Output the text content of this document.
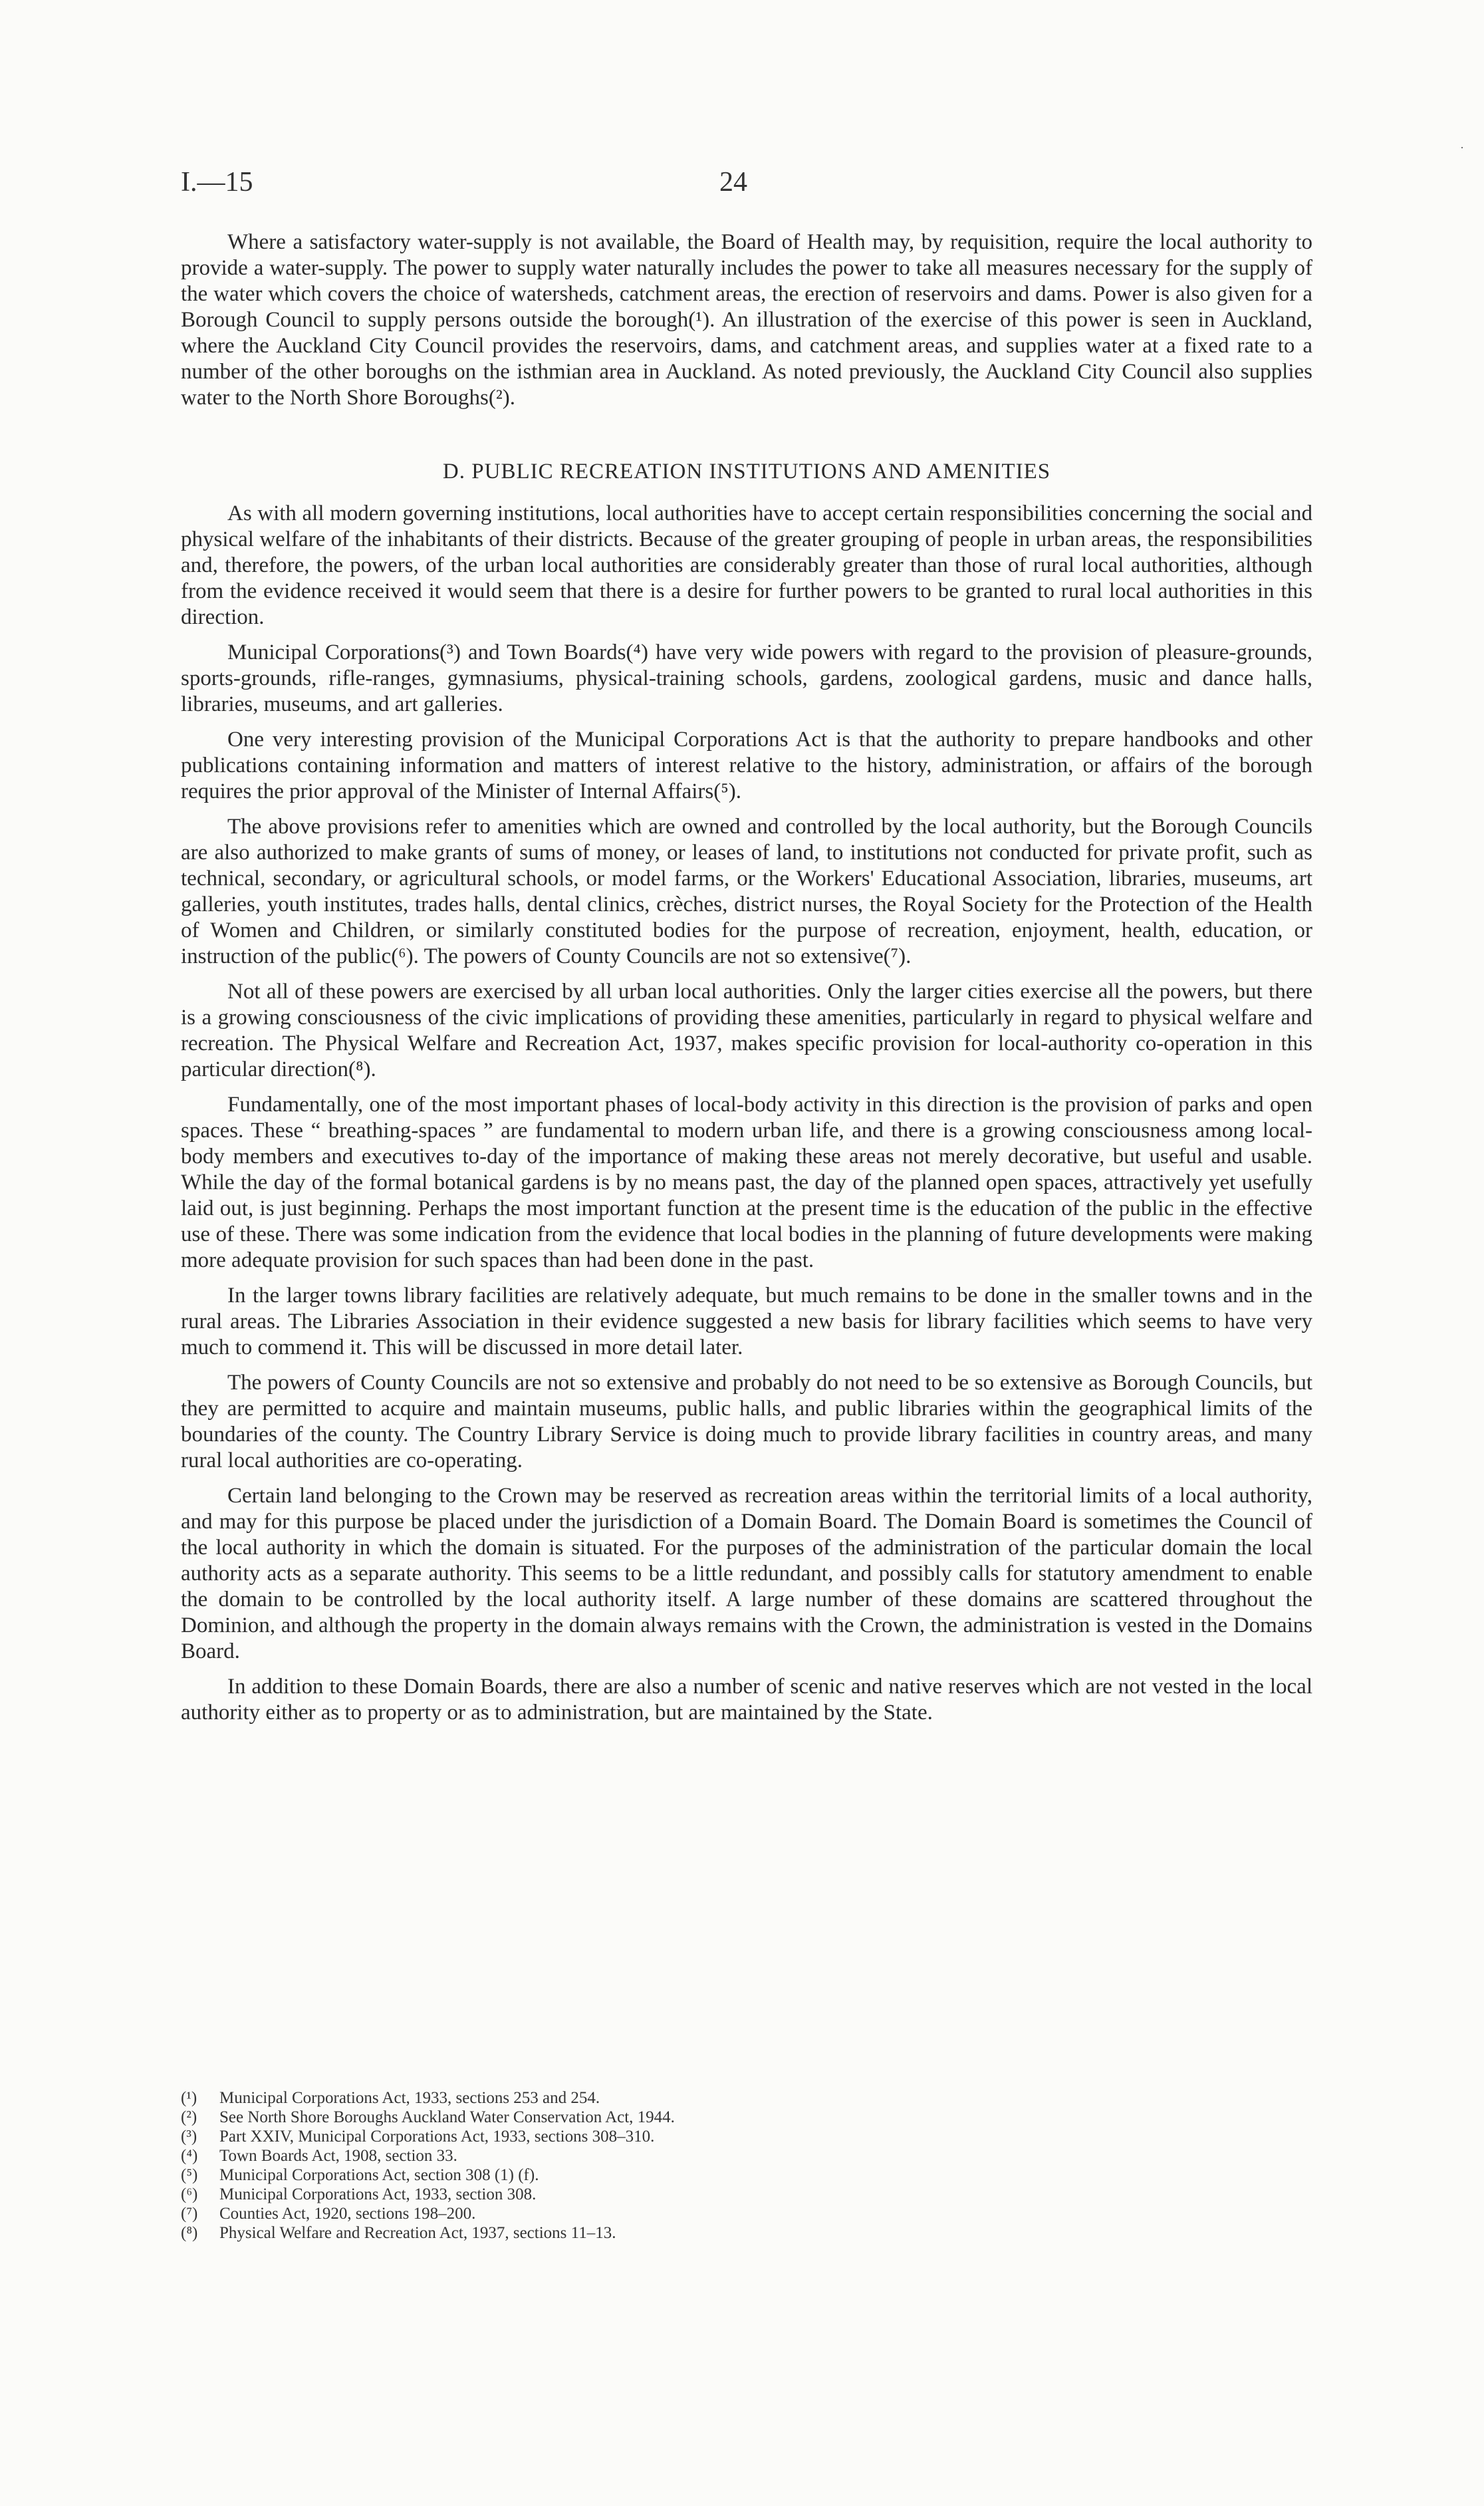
I.—15	24
·

Where a satisfactory water-supply is not available, the Board of Health may, by requisition, require the local authority to provide a water-supply. The power to supply water naturally includes the power to take all measures necessary for the supply of the water which covers the choice of watersheds, catchment areas, the erection of reservoirs and dams. Power is also given for a Borough Council to supply persons outside the borough(¹). An illustration of the exercise of this power is seen in Auckland, where the Auckland City Council provides the reservoirs, dams, and catchment areas, and supplies water at a fixed rate to a number of the other boroughs on the isthmian area in Auckland. As noted previously, the Auckland City Council also supplies water to the North Shore Boroughs(²).

D. PUBLIC RECREATION INSTITUTIONS AND AMENITIES

As with all modern governing institutions, local authorities have to accept certain responsibilities concerning the social and physical welfare of the inhabitants of their districts. Because of the greater grouping of people in urban areas, the responsibilities and, therefore, the powers, of the urban local authorities are considerably greater than those of rural local authorities, although from the evidence received it would seem that there is a desire for further powers to be granted to rural local authorities in this direction.

Municipal Corporations(³) and Town Boards(⁴) have very wide powers with regard to the provision of pleasure-grounds, sports-grounds, rifle-ranges, gymnasiums, physical-training schools, gardens, zoological gardens, music and dance halls, libraries, museums, and art galleries.

One very interesting provision of the Municipal Corporations Act is that the authority to prepare handbooks and other publications containing information and matters of interest relative to the history, administration, or affairs of the borough requires the prior approval of the Minister of Internal Affairs(⁵).

The above provisions refer to amenities which are owned and controlled by the local authority, but the Borough Councils are also authorized to make grants of sums of money, or leases of land, to institutions not conducted for private profit, such as technical, secondary, or agricultural schools, or model farms, or the Workers' Educational Association, libraries, museums, art galleries, youth institutes, trades halls, dental clinics, crèches, district nurses, the Royal Society for the Protection of the Health of Women and Children, or similarly constituted bodies for the purpose of recreation, enjoyment, health, education, or instruction of the public(⁶). The powers of County Councils are not so extensive(⁷).

Not all of these powers are exercised by all urban local authorities. Only the larger cities exercise all the powers, but there is a growing consciousness of the civic implications of providing these amenities, particularly in regard to physical welfare and recreation. The Physical Welfare and Recreation Act, 1937, makes specific provision for local-authority co-operation in this particular direction(⁸).

Fundamentally, one of the most important phases of local-body activity in this direction is the provision of parks and open spaces. These “ breathing-spaces ” are fundamental to modern urban life, and there is a growing consciousness among local-body members and executives to-day of the importance of making these areas not merely decorative, but useful and usable. While the day of the formal botanical gardens is by no means past, the day of the planned open spaces, attractively yet usefully laid out, is just beginning. Perhaps the most important function at the present time is the education of the public in the effective use of these. There was some indication from the evidence that local bodies in the planning of future developments were making more adequate provision for such spaces than had been done in the past.

In the larger towns library facilities are relatively adequate, but much remains to be done in the smaller towns and in the rural areas. The Libraries Association in their evidence suggested a new basis for library facilities which seems to have very much to commend it. This will be discussed in more detail later.

The powers of County Councils are not so extensive and probably do not need to be so extensive as Borough Councils, but they are permitted to acquire and maintain museums, public halls, and public libraries within the geographical limits of the boundaries of the county. The Country Library Service is doing much to provide library facilities in country areas, and many rural local authorities are co-operating.

Certain land belonging to the Crown may be reserved as recreation areas within the territorial limits of a local authority, and may for this purpose be placed under the jurisdiction of a Domain Board. The Domain Board is sometimes the Council of the local authority in which the domain is situated. For the purposes of the administration of the particular domain the local authority acts as a separate authority. This seems to be a little redundant, and possibly calls for statutory amendment to enable the domain to be controlled by the local authority itself. A large number of these domains are scattered throughout the Dominion, and although the property in the domain always remains with the Crown, the administration is vested in the Domains Board.

In addition to these Domain Boards, there are also a number of scenic and native reserves which are not vested in the local authority either as to property or as to administration, but are maintained by the State.

(¹) Municipal Corporations Act, 1933, sections 253 and 254.
(²) See North Shore Boroughs Auckland Water Conservation Act, 1944.
(³) Part XXIV, Municipal Corporations Act, 1933, sections 308–310.
(⁴) Town Boards Act, 1908, section 33.
(⁵) Municipal Corporations Act, section 308 (1) (f).
(⁶) Municipal Corporations Act, 1933, section 308.
(⁷) Counties Act, 1920, sections 198–200.
(⁸) Physical Welfare and Recreation Act, 1937, sections 11–13.
